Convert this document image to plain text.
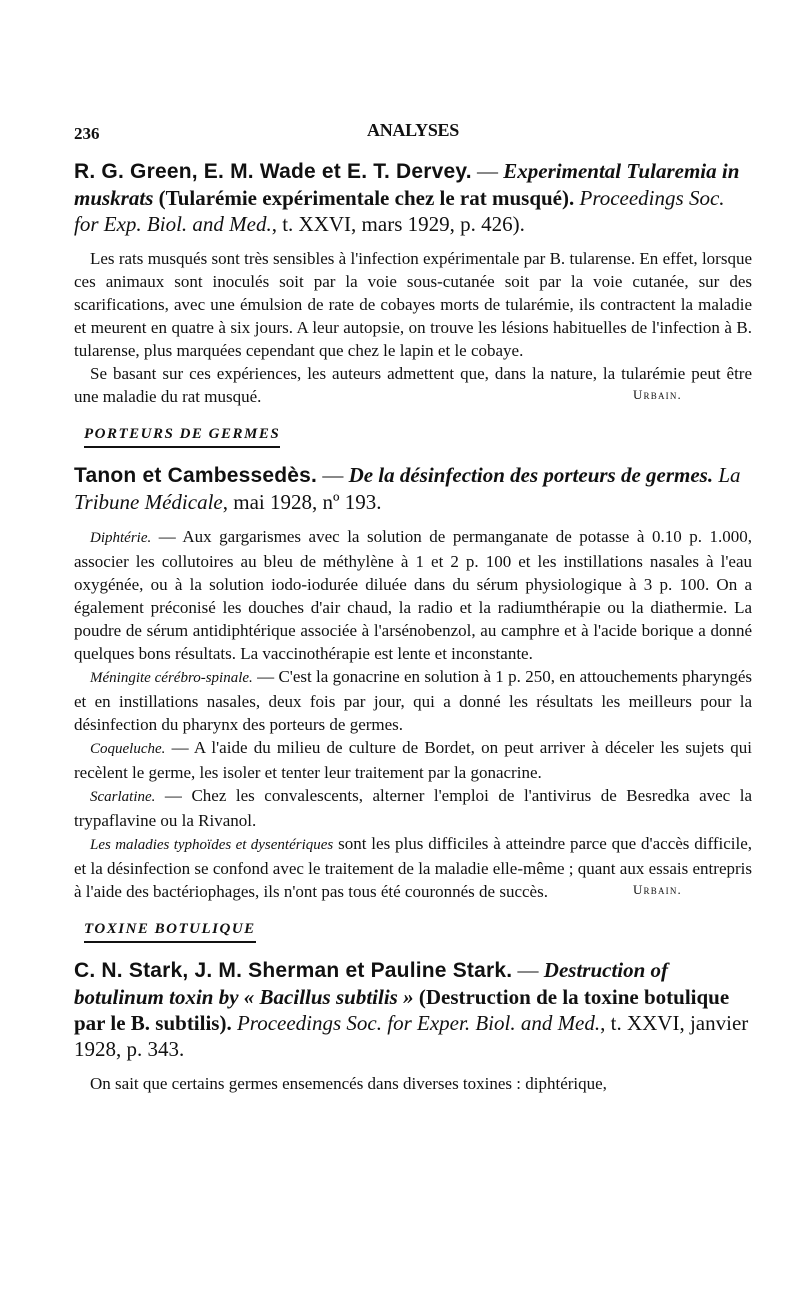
236	ANALYSES

R. G. Green, E. M. Wade et E. T. Dervey. — Experimental Tularemia in muskrats (Tularémie expérimentale chez le rat musqué). Proceedings Soc. for Exp. Biol. and Med., t. XXVI, mars 1929, p. 426).

Les rats musqués sont très sensibles à l'infection expérimentale par B. tularense. En effet, lorsque ces animaux sont inoculés soit par la voie sous-cutanée soit par la voie cutanée, sur des scarifications, avec une émulsion de rate de cobayes morts de tularémie, ils contractent la maladie et meurent en quatre à six jours. A leur autopsie, on trouve les lésions habituelles de l'infection à B. tularense, plus marquées cependant que chez le lapin et le cobaye.

Se basant sur ces expériences, les auteurs admettent que, dans la nature, la tularémie peut être une maladie du rat musqué.	Urbain.
PORTEURS DE GERMES

Tanon et Cambessedès. — De la désinfection des porteurs de germes. La Tribune Médicale, mai 1928, nº 193.

Diphtérie. — Aux gargarismes avec la solution de permanganate de potasse à 0.10 p. 1.000, associer les collutoires au bleu de méthylène à 1 et 2 p. 100 et les instillations nasales à l'eau oxygénée, ou à la solution iodo-iodurée diluée dans du sérum physiologique à 3 p. 100. On a également préconisé les douches d'air chaud, la radio et la radiumthérapie ou la diathermie. La poudre de sérum antidiphtérique associée à l'arsénobenzol, au camphre et à l'acide borique a donné quelques bons résultats. La vaccinothérapie est lente et inconstante.

Méningite cérébro-spinale. — C'est la gonacrine en solution à 1 p. 250, en attouchements pharyngés et en instillations nasales, deux fois par jour, qui a donné les résultats les meilleurs pour la désinfection du pharynx des porteurs de germes.

Coqueluche. — A l'aide du milieu de culture de Bordet, on peut arriver à déceler les sujets qui recèlent le germe, les isoler et tenter leur traitement par la gonacrine.

Scarlatine. — Chez les convalescents, alterner l'emploi de l'antivirus de Besredka avec la trypaflavine ou la Rivanol.

Les maladies typhoïdes et dysentériques sont les plus difficiles à atteindre parce que d'accès difficile, et la désinfection se confond avec le traitement de la maladie elle-même ; quant aux essais entrepris à l'aide des bactériophages, ils n'ont pas tous été couronnés de succès.	Urbain.
TOXINE BOTULIQUE

C. N. Stark, J. M. Sherman et Pauline Stark. — Destruction of botulinum toxin by « Bacillus subtilis » (Destruction de la toxine botulique par le B. subtilis). Proceedings Soc. for Exper. Biol. and Med., t. XXVI, janvier 1928, p. 343.

On sait que certains germes ensemencés dans diverses toxines : diphtérique,
